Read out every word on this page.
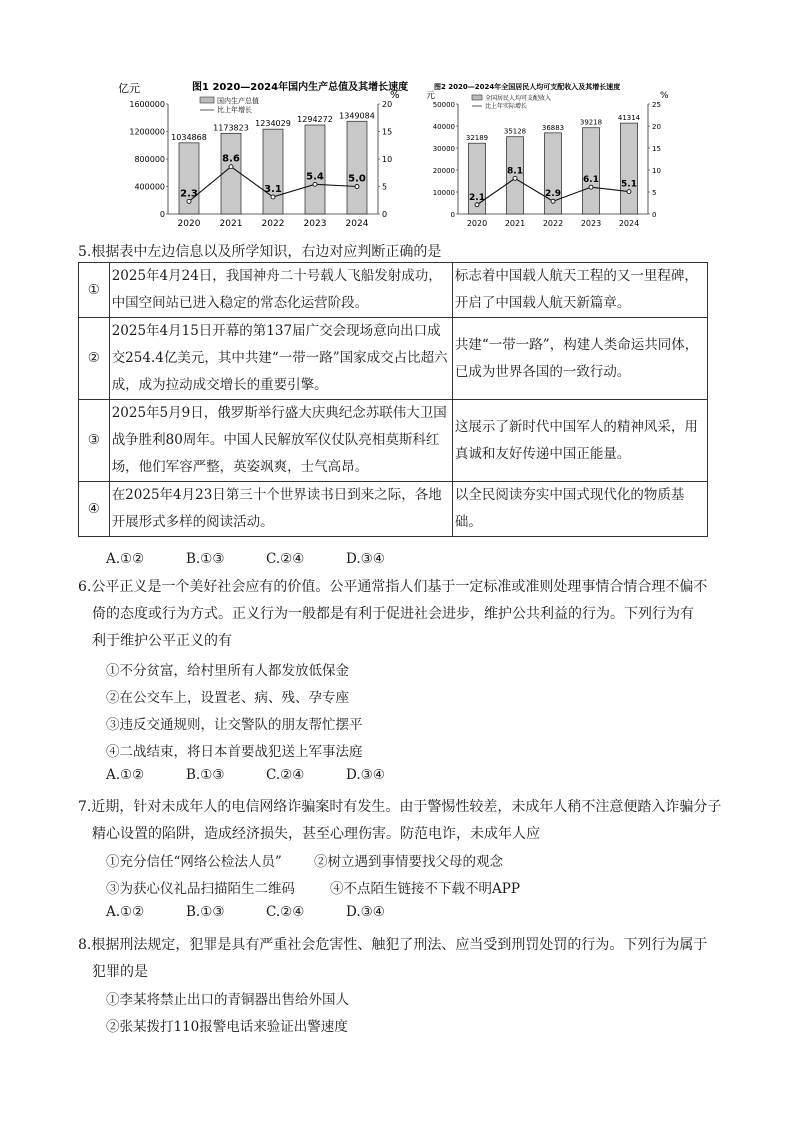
亿元	图1 2020—2024年国内生产总值及其增长速度
%
国内生产总值
比上年增长
1600000
1200000
800000
400000
0
20
15
10
5
0
1034868
1173823 1234029 1294272 1349084
2.3
8.6
3.1
5.4 5.0
2020 2021 2022 2023 2024
元
图2 2020—2024年全国居民人均可支配收入及其增长速度
%
全国居民人均可支配收入
比上年实际增长
50000
40000
30000
20000
10000
0
25
20
15
10
5
0
32189
35128 36883
39218
41314
2.1
8.1
2.9
6.1 5.1
2020 2021 2022 2023 2024
5.根据表中左边信息以及所学知识，右边对应判断正确的是
①	2025年4月24日，我国神舟二十号载人飞船发射成功，中国空间站已进入稳定的常态化运营阶段。	标志着中国载人航天工程的又一里程碑，开启了中国载人航天新篇章。
②	2025年4月15日开幕的第137届广交会现场意向出口成交254.4亿美元，其中共建“一带一路”国家成交占比超六成，成为拉动成交增长的重要引擎。	共建“一带一路”，构建人类命运共同体，已成为世界各国的一致行动。
③	2025年5月9日，俄罗斯举行盛大庆典纪念苏联伟大卫国战争胜利80周年。中国人民解放军仪仗队亮相莫斯科红场，他们军容严整，英姿飒爽，士气高昂。	这展示了新时代中国军人的精神风采，用真诚和友好传递中国正能量。
④	在2025年4月23日第三十个世界读书日到来之际，各地开展形式多样的阅读活动。	以全民阅读夯实中国式现代化的物质基础。
A.①②	B.①③	C.②④	D.③④
6.公平正义是一个美好社会应有的价值。公平通常指人们基于一定标准或准则处理事情合情合理不偏不
倚的态度或行为方式。正义行为一般都是有利于促进社会进步，维护公共利益的行为。下列行为有
利于维护公平正义的有
①不分贫富，给村里所有人都发放低保金
②在公交车上，设置老、病、残、孕专座
③违反交通规则，让交警队的朋友帮忙摆平
④二战结束，将日本首要战犯送上军事法庭
A.①②	B.①③	C.②④	D.③④
7.近期，针对未成年人的电信网络诈骗案时有发生。由于警惕性较差，未成年人稍不注意便踏入诈骗分子
精心设置的陷阱，造成经济损失，甚至心理伤害。防范电诈，未成年人应
①充分信任“网络公检法人员” ②树立遇到事情要找父母的观念
③为获心仪礼品扫描陌生二维码	④不点陌生链接不下载不明APP
A.①②	B.①③	C.②④	D.③④
8.根据刑法规定，犯罪是具有严重社会危害性、触犯了刑法、应当受到刑罚处罚的行为。下列行为属于
犯罪的是
①李某将禁止出口的青铜器出售给外国人
②张某拨打110报警电话来验证出警速度
